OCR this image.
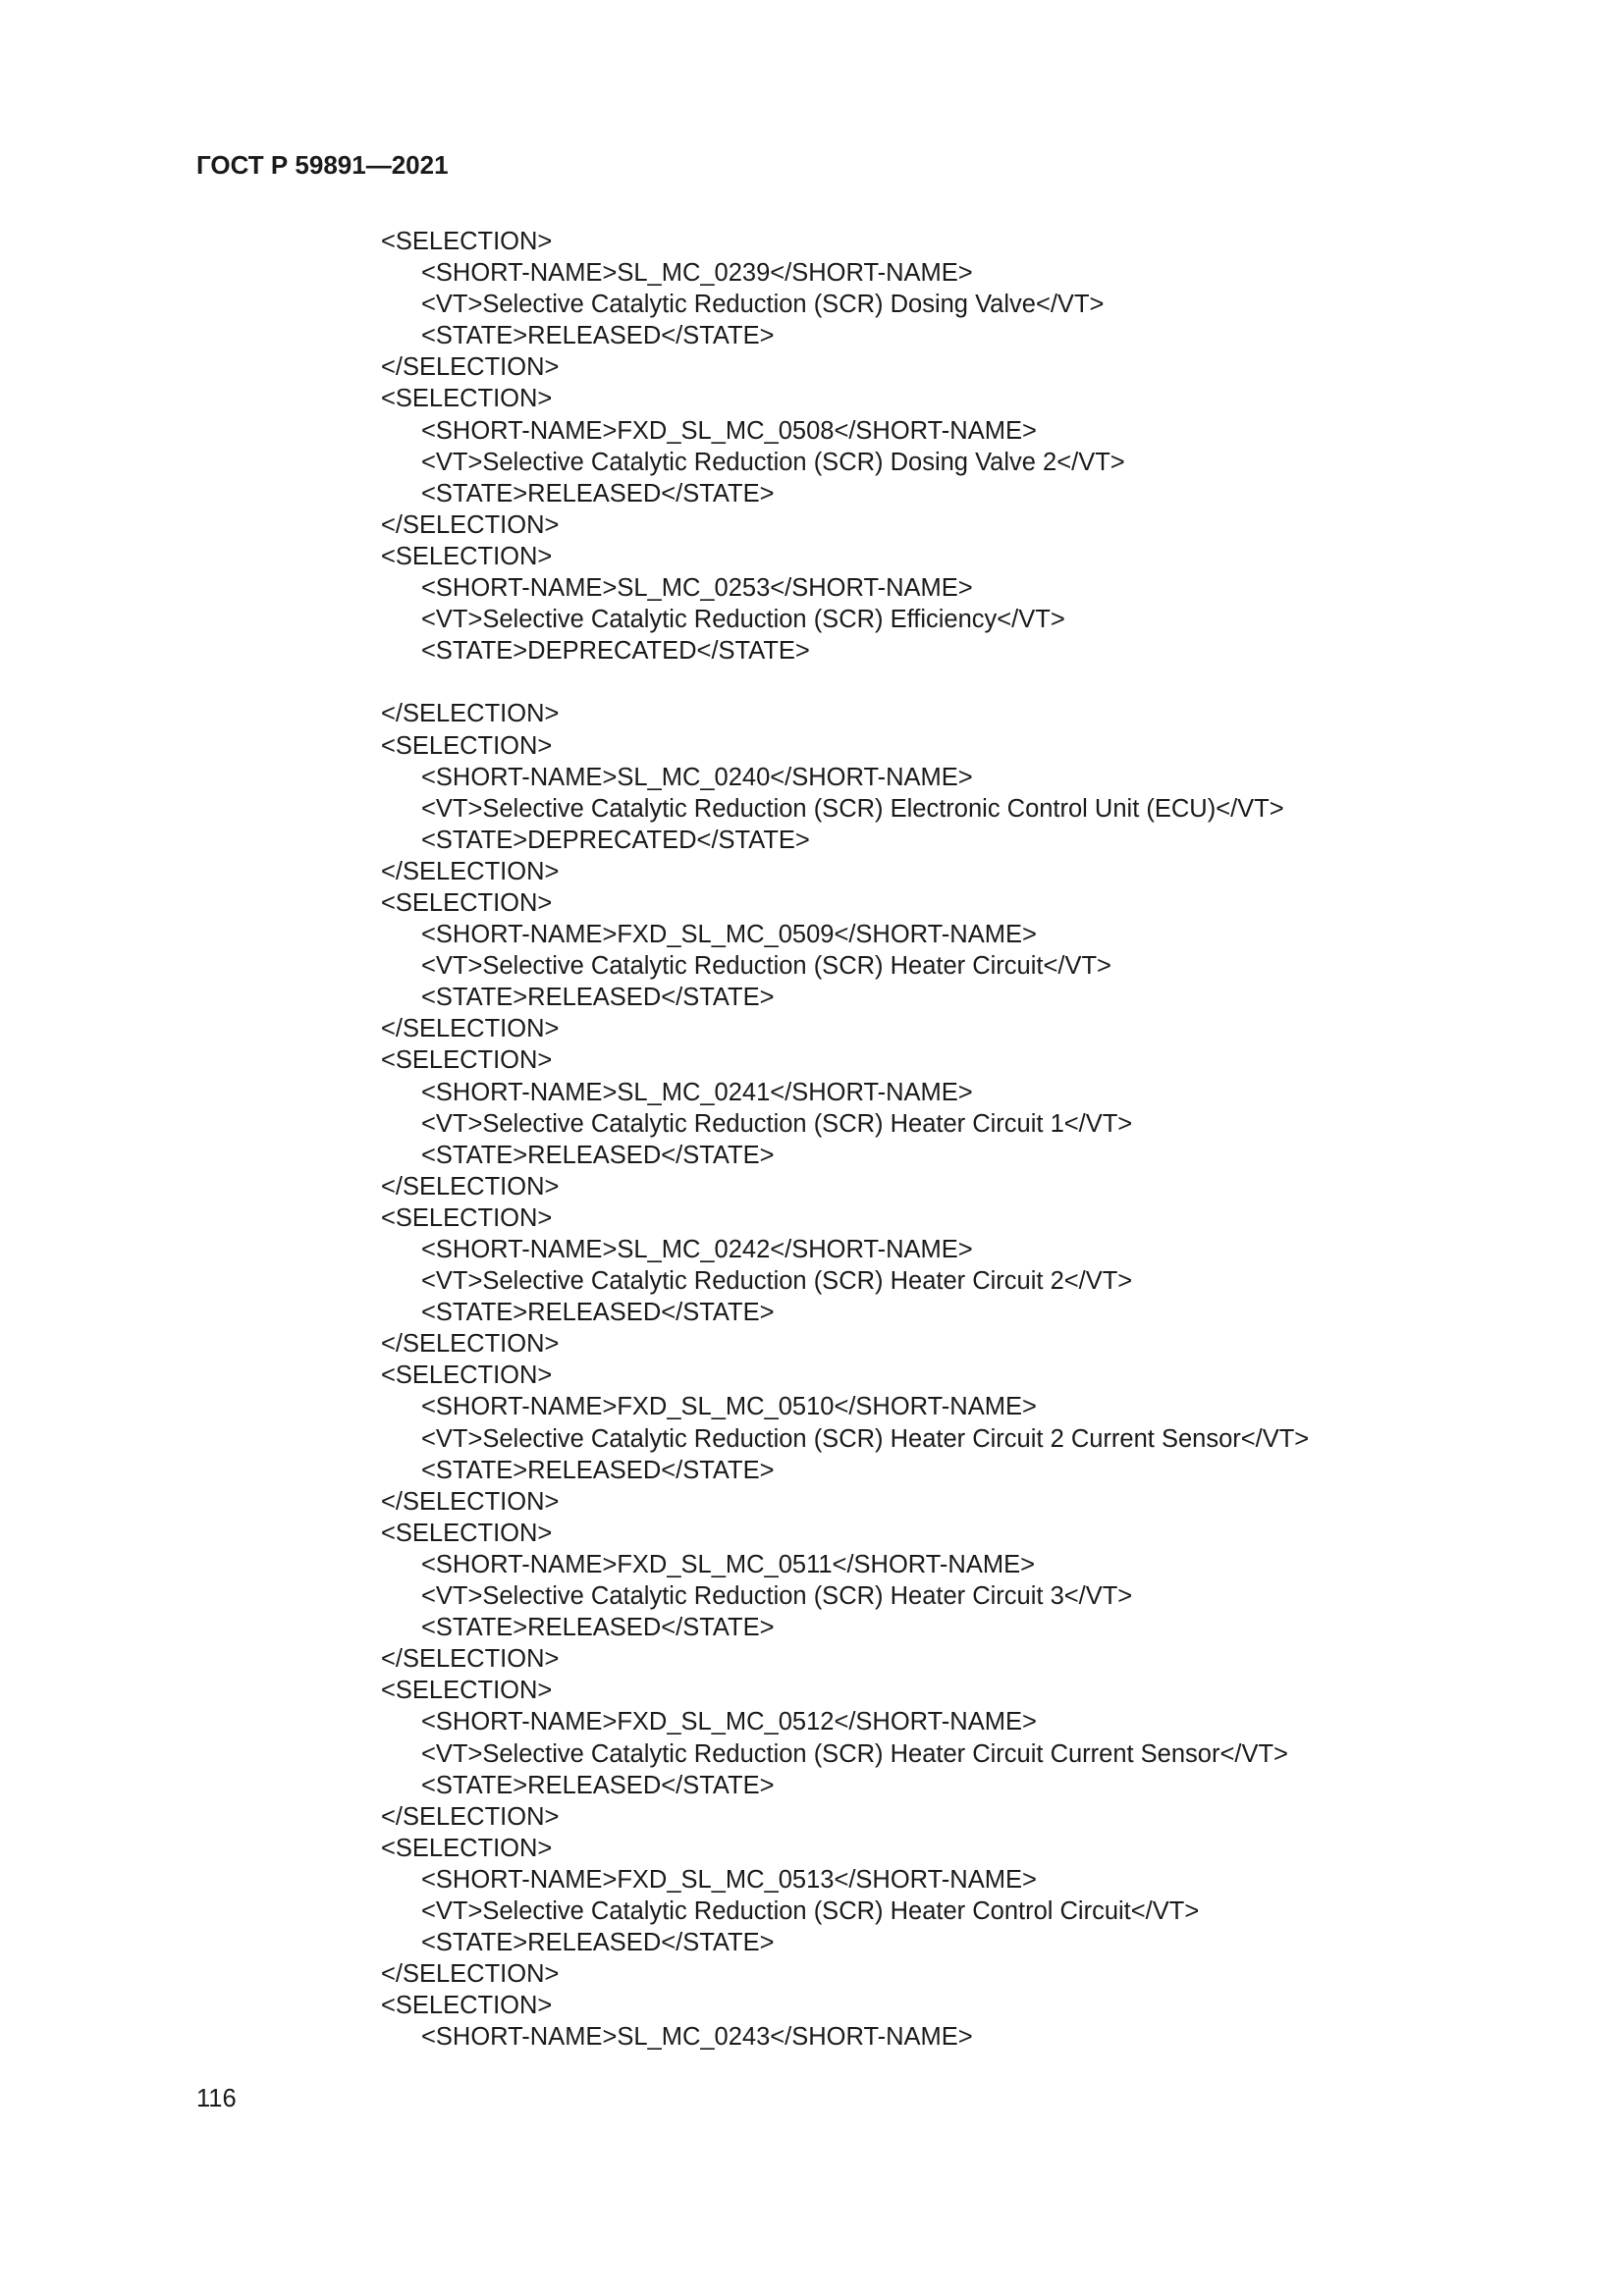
ГОСТ Р 59891—2021
<SELECTION>
<SHORT-NAME>SL_MC_0239</SHORT-NAME>
<VT>Selective Catalytic Reduction (SCR) Dosing Valve</VT>
<STATE>RELEASED</STATE>
</SELECTION>
<SELECTION>
<SHORT-NAME>FXD_SL_MC_0508</SHORT-NAME>
<VT>Selective Catalytic Reduction (SCR) Dosing Valve 2</VT>
<STATE>RELEASED</STATE>
</SELECTION>
<SELECTION>
<SHORT-NAME>SL_MC_0253</SHORT-NAME>
<VT>Selective Catalytic Reduction (SCR) Efficiency</VT>
<STATE>DEPRECATED</STATE>
</SELECTION>
<SELECTION>
<SHORT-NAME>SL_MC_0240</SHORT-NAME>
<VT>Selective Catalytic Reduction (SCR) Electronic Control Unit (ECU)</VT>
<STATE>DEPRECATED</STATE>
</SELECTION>
<SELECTION>
<SHORT-NAME>FXD_SL_MC_0509</SHORT-NAME>
<VT>Selective Catalytic Reduction (SCR) Heater Circuit</VT>
<STATE>RELEASED</STATE>
</SELECTION>
<SELECTION>
<SHORT-NAME>SL_MC_0241</SHORT-NAME>
<VT>Selective Catalytic Reduction (SCR) Heater Circuit 1</VT>
<STATE>RELEASED</STATE>
</SELECTION>
<SELECTION>
<SHORT-NAME>SL_MC_0242</SHORT-NAME>
<VT>Selective Catalytic Reduction (SCR) Heater Circuit 2</VT>
<STATE>RELEASED</STATE>
</SELECTION>
<SELECTION>
<SHORT-NAME>FXD_SL_MC_0510</SHORT-NAME>
<VT>Selective Catalytic Reduction (SCR) Heater Circuit 2 Current Sensor</VT>
<STATE>RELEASED</STATE>
</SELECTION>
<SELECTION>
<SHORT-NAME>FXD_SL_MC_0511</SHORT-NAME>
<VT>Selective Catalytic Reduction (SCR) Heater Circuit 3</VT>
<STATE>RELEASED</STATE>
</SELECTION>
<SELECTION>
<SHORT-NAME>FXD_SL_MC_0512</SHORT-NAME>
<VT>Selective Catalytic Reduction (SCR) Heater Circuit Current Sensor</VT>
<STATE>RELEASED</STATE>
</SELECTION>
<SELECTION>
<SHORT-NAME>FXD_SL_MC_0513</SHORT-NAME>
<VT>Selective Catalytic Reduction (SCR) Heater Control Circuit</VT>
<STATE>RELEASED</STATE>
</SELECTION>
<SELECTION>
<SHORT-NAME>SL_MC_0243</SHORT-NAME>
116
